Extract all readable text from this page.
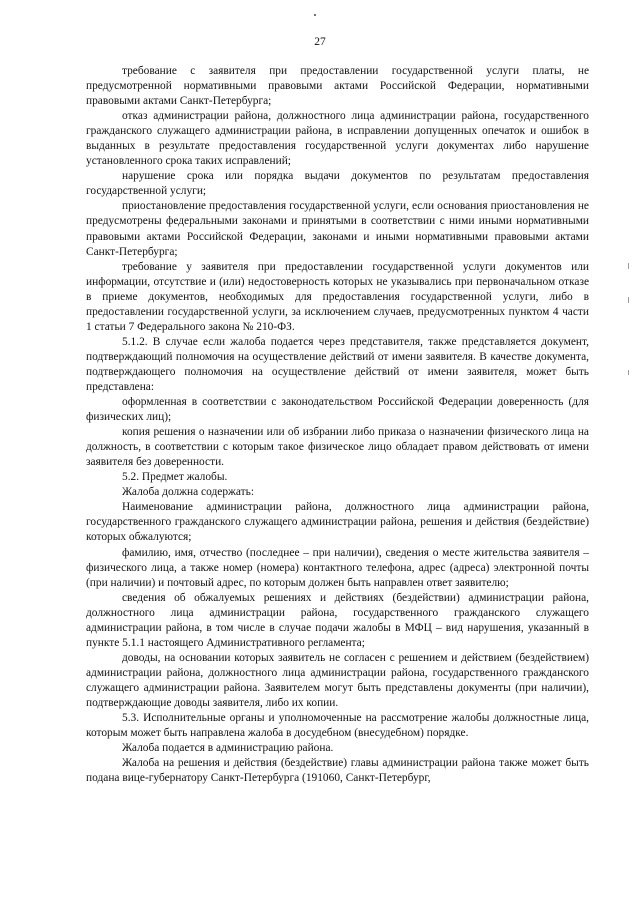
27

требование с заявителя при предоставлении государственной услуги платы, не предусмотренной нормативными правовыми актами Российской Федерации, нормативными правовыми актами Санкт-Петербурга;

отказ администрации района, должностного лица администрации района, государственного гражданского служащего администрации района, в исправлении допущенных опечаток и ошибок в выданных в результате предоставления государственной услуги документах либо нарушение установленного срока таких исправлений;

нарушение срока или порядка выдачи документов по результатам предоставления государственной услуги;

приостановление предоставления государственной услуги, если основания приостановления не предусмотрены федеральными законами и принятыми в соответствии с ними иными нормативными правовыми актами Российской Федерации, законами и иными нормативными правовыми актами Санкт-Петербурга;

требование у заявителя при предоставлении государственной услуги документов или информации, отсутствие и (или) недостоверность которых не указывались при первоначальном отказе в приеме документов, необходимых для предоставления государственной услуги, либо в предоставлении государственной услуги, за исключением случаев, предусмотренных пунктом 4 части 1 статьи 7 Федерального закона № 210-ФЗ.

5.1.2. В случае если жалоба подается через представителя, также представляется документ, подтверждающий полномочия на осуществление действий от имени заявителя. В качестве документа, подтверждающего полномочия на осуществление действий от имени заявителя, может быть представлена:

оформленная в соответствии с законодательством Российской Федерации доверенность (для физических лиц);

копия решения о назначении или об избрании либо приказа о назначении физического лица на должность, в соответствии с которым такое физическое лицо обладает правом действовать от имени заявителя без доверенности.

5.2. Предмет жалобы.

Жалоба должна содержать:

Наименование администрации района, должностного лица администрации района, государственного гражданского служащего администрации района, решения и действия (бездействие) которых обжалуются;

фамилию, имя, отчество (последнее – при наличии), сведения о месте жительства заявителя – физического лица, а также номер (номера) контактного телефона, адрес (адреса) электронной почты (при наличии) и почтовый адрес, по которым должен быть направлен ответ заявителю;

сведения об обжалуемых решениях и действиях (бездействии) администрации района, должностного лица администрации района, государственного гражданского служащего администрации района, в том числе в случае подачи жалобы в МФЦ – вид нарушения, указанный в пункте 5.1.1 настоящего Административного регламента;

доводы, на основании которых заявитель не согласен с решением и действием (бездействием) администрации района, должностного лица администрации района, государственного гражданского служащего администрации района. Заявителем могут быть представлены документы (при наличии), подтверждающие доводы заявителя, либо их копии.

5.3. Исполнительные органы и уполномоченные на рассмотрение жалобы должностные лица, которым может быть направлена жалоба в досудебном (внесудебном) порядке.

Жалоба подается в администрацию района.

Жалоба на решения и действия (бездействие) главы администрации района также может быть подана вице-губернатору Санкт-Петербурга (191060, Санкт-Петербург,
